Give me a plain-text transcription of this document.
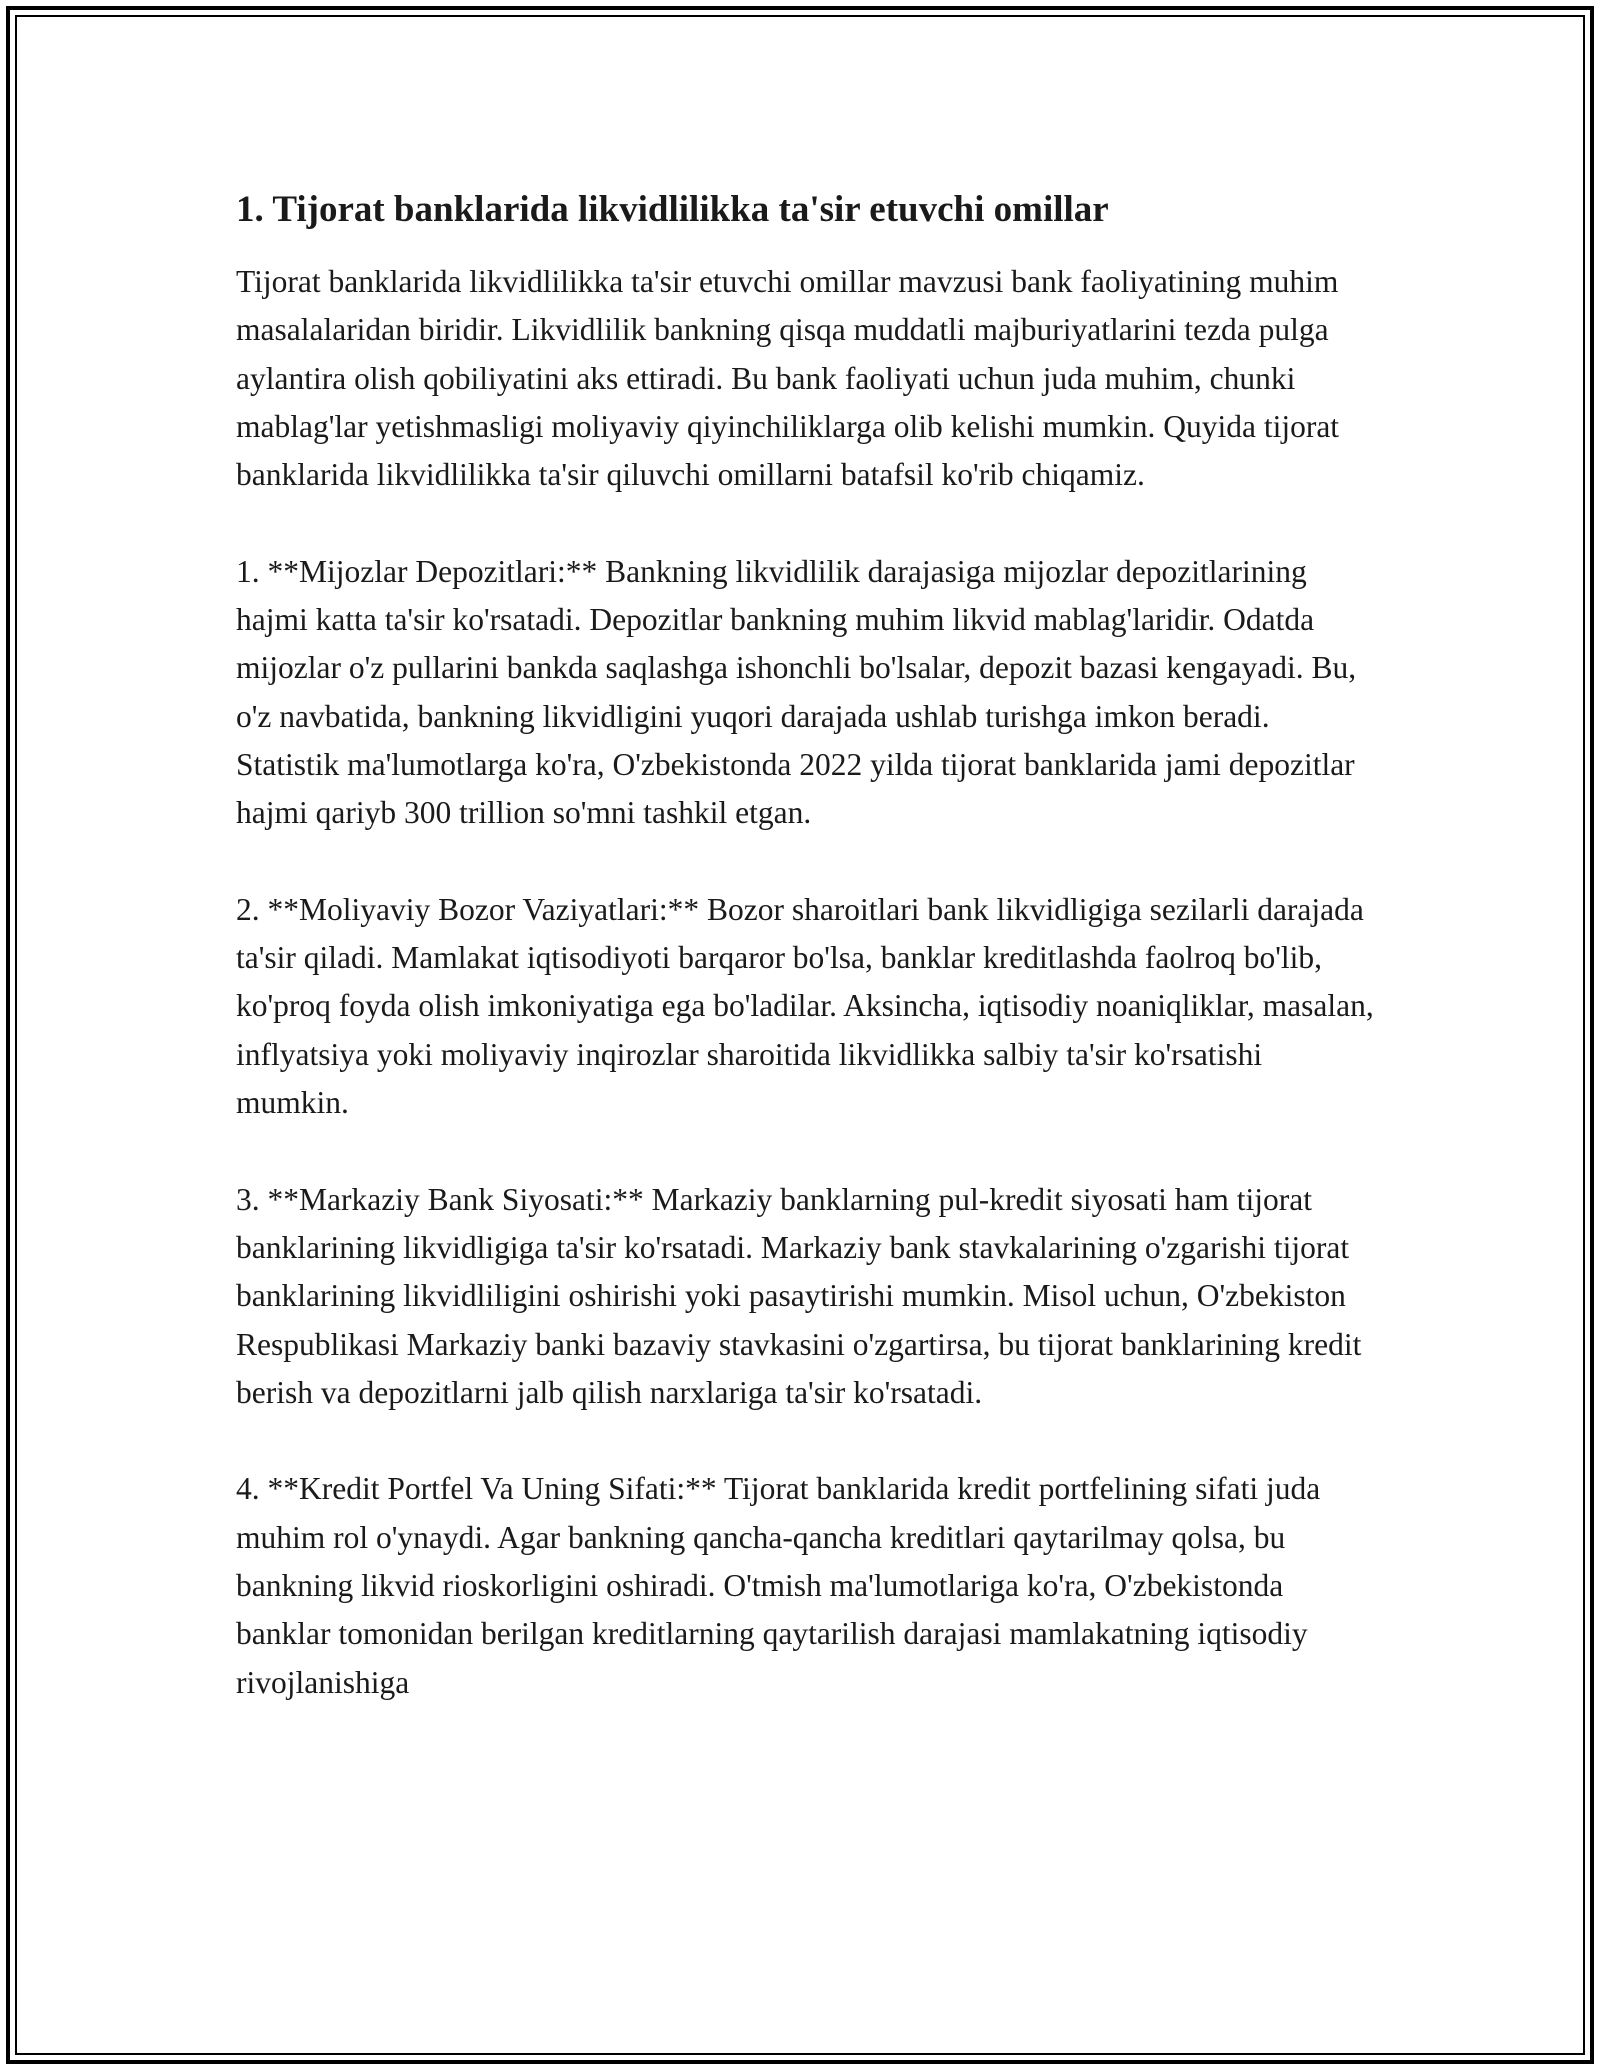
1. Tijorat banklarida likvidlilikka ta'sir etuvchi omillar

Tijorat banklarida likvidlilikka ta'sir etuvchi omillar mavzusi bank faoliyatining muhim masalalaridan biridir. Likvidlilik bankning qisqa muddatli majburiyatlarini tezda pulga aylantira olish qobiliyatini aks ettiradi. Bu bank faoliyati uchun juda muhim, chunki mablag'lar yetishmasligi moliyaviy qiyinchiliklarga olib kelishi mumkin. Quyida tijorat banklarida likvidlilikka ta'sir qiluvchi omillarni batafsil ko'rib chiqamiz.

1. **Mijozlar Depozitlari:** Bankning likvidlilik darajasiga mijozlar depozitlarining hajmi katta ta'sir ko'rsatadi. Depozitlar bankning muhim likvid mablag'laridir. Odatda mijozlar o'z pullarini bankda saqlashga ishonchli bo'lsalar, depozit bazasi kengayadi. Bu, o'z navbatida, bankning likvidligini yuqori darajada ushlab turishga imkon beradi. Statistik ma'lumotlarga ko'ra, O'zbekistonda 2022 yilda tijorat banklarida jami depozitlar hajmi qariyb 300 trillion so'mni tashkil etgan.

2. **Moliyaviy Bozor Vaziyatlari:** Bozor sharoitlari bank likvidligiga sezilarli darajada ta'sir qiladi. Mamlakat iqtisodiyoti barqaror bo'lsa, banklar kreditlashda faolroq bo'lib, ko'proq foyda olish imkoniyatiga ega bo'ladilar. Aksincha, iqtisodiy noaniqliklar, masalan, inflyatsiya yoki moliyaviy inqirozlar sharoitida likvidlikka salbiy ta'sir ko'rsatishi mumkin.

3. **Markaziy Bank Siyosati:** Markaziy banklarning pul-kredit siyosati ham tijorat banklarining likvidligiga ta'sir ko'rsatadi. Markaziy bank stavkalarining o'zgarishi tijorat banklarining likvidliligini oshirishi yoki pasaytirishi mumkin. Misol uchun, O'zbekiston Respublikasi Markaziy banki bazaviy stavkasini o'zgartirsa, bu tijorat banklarining kredit berish va depozitlarni jalb qilish narxlariga ta'sir ko'rsatadi.

4. **Kredit Portfel Va Uning Sifati:** Tijorat banklarida kredit portfelining sifati juda muhim rol o'ynaydi. Agar bankning qancha-qancha kreditlari qaytarilmay qolsa, bu bankning likvid rioskorligini oshiradi. O'tmish ma'lumotlariga ko'ra, O'zbekistonda banklar tomonidan berilgan kreditlarning qaytarilish darajasi mamlakatning iqtisodiy rivojlanishiga
